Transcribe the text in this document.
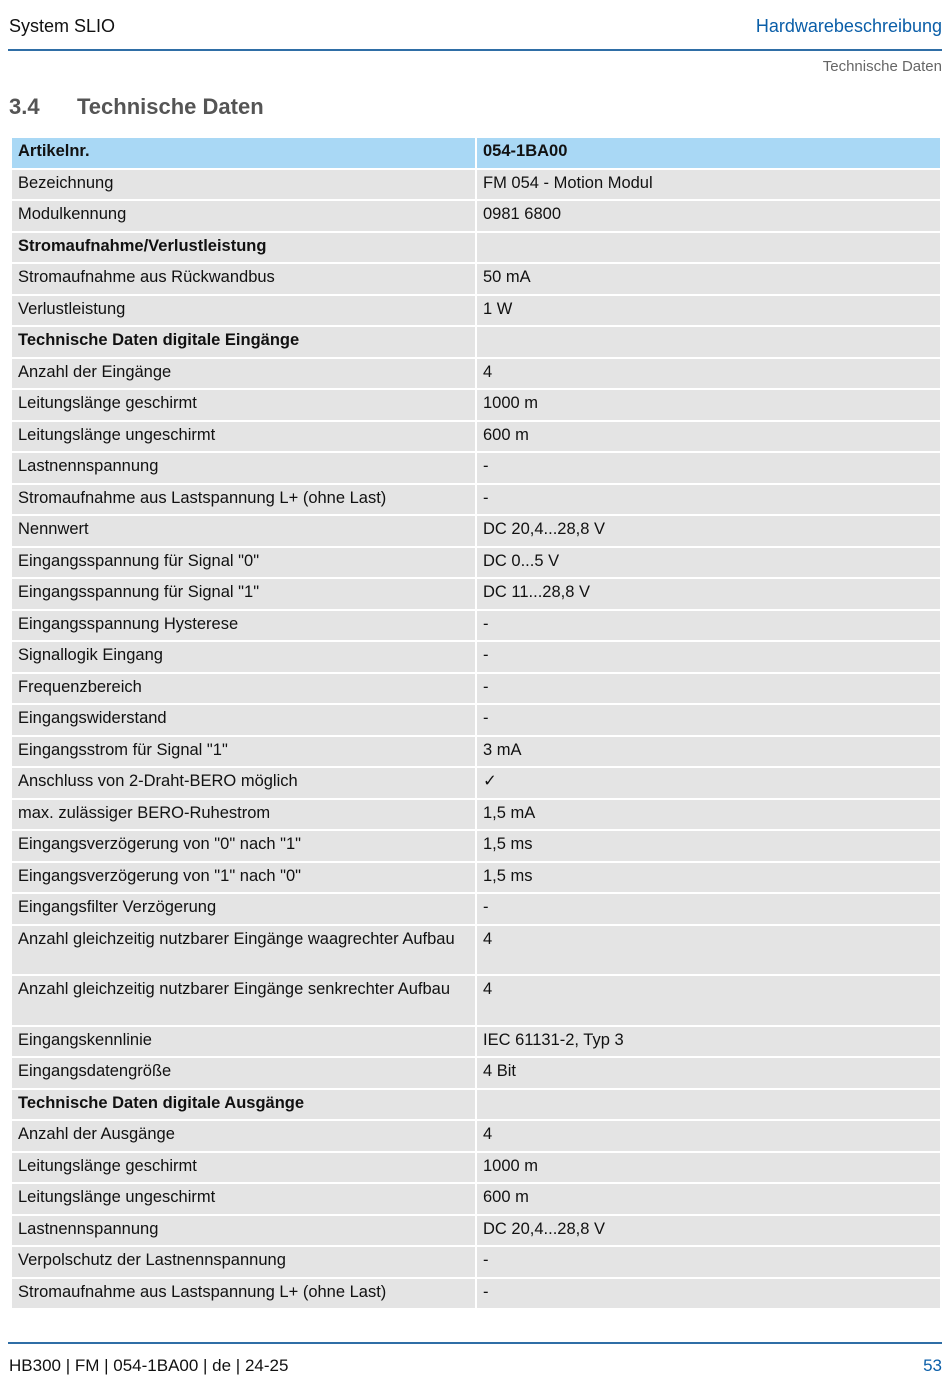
System SLIO	Hardwarebeschreibung
Technische Daten
3.4 Technische Daten
Artikelnr.	054-1BA00
Bezeichnung	FM 054 - Motion Modul
Modulkennung	0981 6800
Stromaufnahme/Verlustleistung	
Stromaufnahme aus Rückwandbus	50 mA
Verlustleistung	1 W
Technische Daten digitale Eingänge	
Anzahl der Eingänge	4
Leitungslänge geschirmt	1000 m
Leitungslänge ungeschirmt	600 m
Lastnennspannung	-
Stromaufnahme aus Lastspannung L+ (ohne Last)	-
Nennwert	DC 20,4...28,8 V
Eingangsspannung für Signal "0"	DC 0...5 V
Eingangsspannung für Signal "1"	DC 11...28,8 V
Eingangsspannung Hysterese	-
Signallogik Eingang	-
Frequenzbereich	-
Eingangswiderstand	-
Eingangsstrom für Signal "1"	3 mA
Anschluss von 2-Draht-BERO möglich	✓
max. zulässiger BERO-Ruhestrom	1,5 mA
Eingangsverzögerung von "0" nach "1"	1,5 ms
Eingangsverzögerung von "1" nach "0"	1,5 ms
Eingangsfilter Verzögerung	-
Anzahl gleichzeitig nutzbarer Eingänge waagrechter Aufbau	4
Anzahl gleichzeitig nutzbarer Eingänge senkrechter Aufbau	4
Eingangskennlinie	IEC 61131-2, Typ 3
Eingangsdatengröße	4 Bit
Technische Daten digitale Ausgänge	
Anzahl der Ausgänge	4
Leitungslänge geschirmt	1000 m
Leitungslänge ungeschirmt	600 m
Lastnennspannung	DC 20,4...28,8 V
Verpolschutz der Lastnennspannung	-
Stromaufnahme aus Lastspannung L+ (ohne Last)	-
HB300 | FM | 054-1BA00 | de | 24-25	53
